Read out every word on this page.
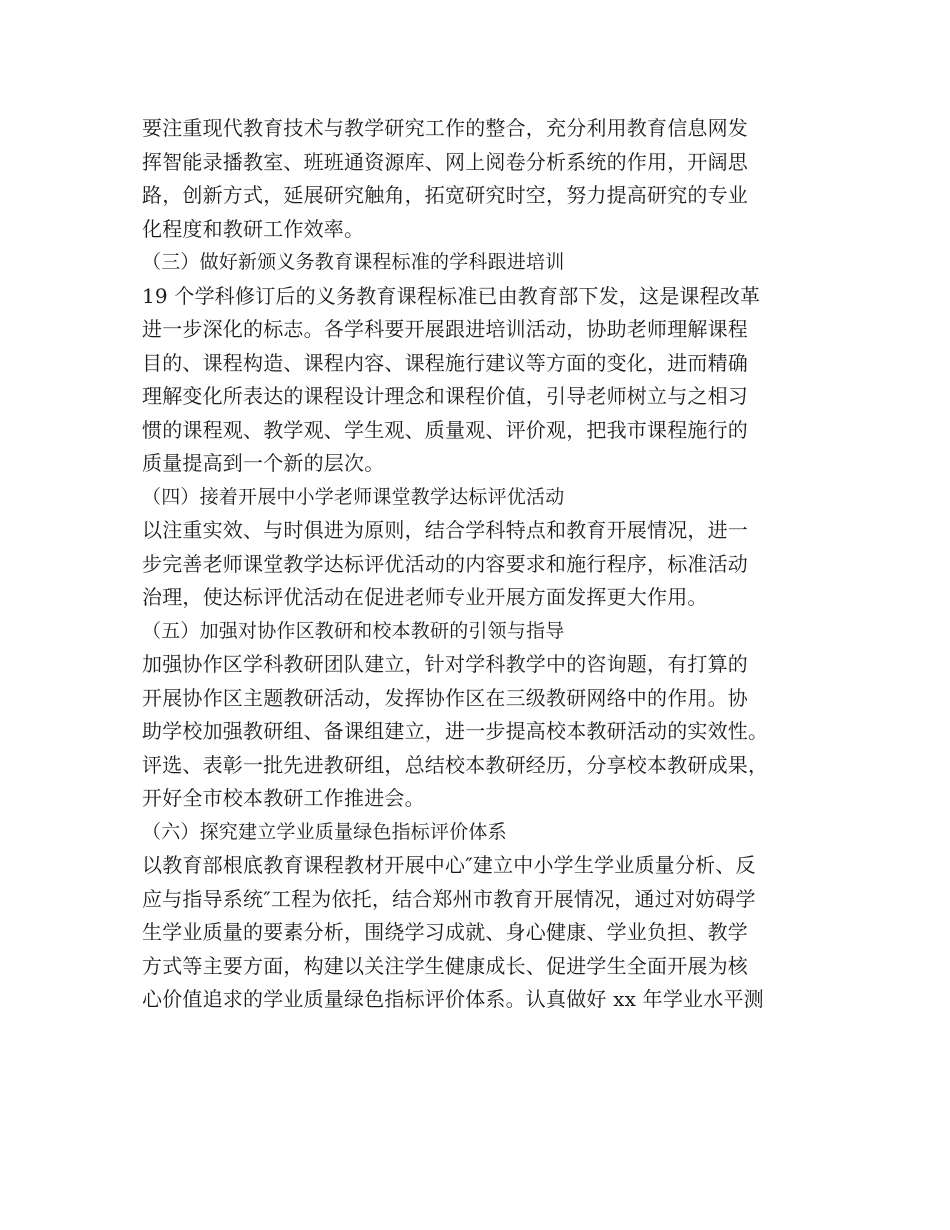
要注重现代教育技术与教学研究工作的整合，充分利用教育信息网发
挥智能录播教室、班班通资源库、网上阅卷分析系统的作用，开阔思
路，创新方式，延展研究触角，拓宽研究时空，努力提高研究的专业
化程度和教研工作效率。
（三）做好新颁义务教育课程标准的学科跟进培训
19 个学科修订后的义务教育课程标准已由教育部下发，这是课程改革
进一步深化的标志。各学科要开展跟进培训活动，协助老师理解课程
目的、课程构造、课程内容、课程施行建议等方面的变化，进而精确
理解变化所表达的课程设计理念和课程价值，引导老师树立与之相习
惯的课程观、教学观、学生观、质量观、评价观，把我市课程施行的
质量提高到一个新的层次。
（四）接着开展中小学老师课堂教学达标评优活动
以注重实效、与时俱进为原则，结合学科特点和教育开展情况，进一
步完善老师课堂教学达标评优活动的内容要求和施行程序，标准活动
治理，使达标评优活动在促进老师专业开展方面发挥更大作用。
（五）加强对协作区教研和校本教研的引领与指导
加强协作区学科教研团队建立，针对学科教学中的咨询题，有打算的
开展协作区主题教研活动，发挥协作区在三级教研网络中的作用。协
助学校加强教研组、备课组建立，进一步提高校本教研活动的实效性。
评选、表彰一批先进教研组，总结校本教研经历，分享校本教研成果，
开好全市校本教研工作推进会。
（六）探究建立学业质量绿色指标评价体系
以教育部根底教育课程教材开展中心″建立中小学生学业质量分析、反
应与指导系统″工程为依托，结合郑州市教育开展情况，通过对妨碍学
生学业质量的要素分析，围绕学习成就、身心健康、学业负担、教学
方式等主要方面，构建以关注学生健康成长、促进学生全面开展为核
心价值追求的学业质量绿色指标评价体系。认真做好 xx 年学业水平测
